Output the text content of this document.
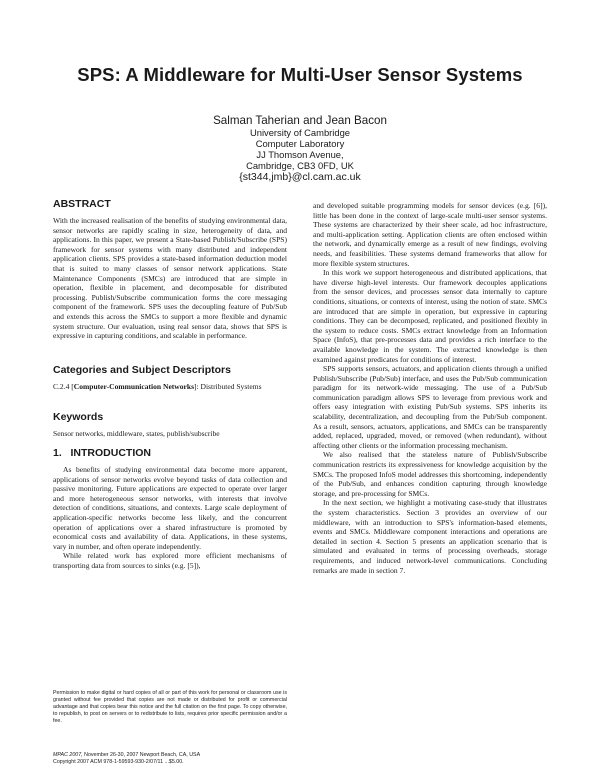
SPS: A Middleware for Multi-User Sensor Systems
Salman Taherian and Jean Bacon
University of Cambridge
Computer Laboratory
JJ Thomson Avenue,
Cambridge, CB3 0FD, UK
{st344,jmb}@cl.cam.ac.uk
ABSTRACT

With the increased realisation of the benefits of studying environmental data, sensor networks are rapidly scaling in size, heterogeneity of data, and applications. In this paper, we present a State-based Publish/Subscribe (SPS) framework for sensor systems with many distributed and independent application clients. SPS provides a state-based information deduction model that is suited to many classes of sensor network applications. State Maintenance Components (SMCs) are introduced that are simple in operation, flexible in placement, and decomposable for distributed processing. Publish/Subscribe communication forms the core messaging component of the framework. SPS uses the decoupling feature of Pub/Sub and extends this across the SMCs to support a more flexible and dynamic system structure. Our evaluation, using real sensor data, shows that SPS is expressive in capturing conditions, and scalable in performance.

Categories and Subject Descriptors

C.2.4 [Computer-Communication Networks]: Distributed Systems

Keywords

Sensor networks, middleware, states, publish/subscribe

1.   INTRODUCTION

As benefits of studying environmental data become more apparent, applications of sensor networks evolve beyond tasks of data collection and passive monitoring. Future applications are expected to operate over larger and more heterogeneous sensor networks, with interests that involve detection of conditions, situations, and contexts. Large scale deployment of application-specific networks become less likely, and the concurrent operation of applications over a shared infrastructure is promoted by economical costs and availability of data. Applications, in these systems, vary in number, and often operate independently.

While related work has explored more efficient mechanisms of transporting data from sources to sinks (e.g. [5]),

Permission to make digital or hard copies of all or part of this work for personal or classroom use is granted without fee provided that copies are not made or distributed for profit or commercial advantage and that copies bear this notice and the full citation on the first page. To copy otherwise, to republish, to post on servers or to redistribute to lists, requires prior specific permission and/or a fee.

MPAC 2007, November 26-30, 2007 Newport Beach, CA, USA
Copyright 2007 ACM 978-1-59593-930-2/07/11 ...$5.00.

and developed suitable programming models for sensor devices (e.g. [6]), little has been done in the context of large-scale multi-user sensor systems. These systems are characterized by their sheer scale, ad hoc infrastructure, and multi-application setting. Application clients are often enclosed within the network, and dynamically emerge as a result of new findings, evolving needs, and feasibilities. These systems demand frameworks that allow for more flexible system structures.

In this work we support heterogeneous and distributed applications, that have diverse high-level interests. Our framework decouples applications from the sensor devices, and processes sensor data internally to capture conditions, situations, or contexts of interest, using the notion of state. SMCs are introduced that are simple in operation, but expressive in capturing conditions. They can be decomposed, replicated, and positioned flexibly in the system to reduce costs. SMCs extract knowledge from an Information Space (InfoS), that pre-processes data and provides a rich interface to the available knowledge in the system. The extracted knowledge is then examined against predicates for conditions of interest.

SPS supports sensors, actuators, and application clients through a unified Publish/Subscribe (Pub/Sub) interface, and uses the Pub/Sub communication paradigm for its network-wide messaging. The use of a Pub/Sub communication paradigm allows SPS to leverage from previous work and offers easy integration with existing Pub/Sub systems. SPS inherits its scalability, decentralization, and decoupling from the Pub/Sub component. As a result, sensors, actuators, applications, and SMCs can be transparently added, replaced, upgraded, moved, or removed (when redundant), without affecting other clients or the information processing mechanism.

We also realised that the stateless nature of Publish/Subscribe communication restricts its expressiveness for knowledge acquisition by the SMCs. The proposed InfoS model addresses this shortcoming, independently of the Pub/Sub, and enhances condition capturing through knowledge storage, and pre-processing for SMCs.

In the next section, we highlight a motivating case-study that illustrates the system characteristics. Section 3 provides an overview of our middleware, with an introduction to SPS's information-based elements, events and SMCs. Middleware component interactions and operations are detailed in section 4. Section 5 presents an application scenario that is simulated and evaluated in terms of processing overheads, storage requirements, and induced network-level communications. Concluding remarks are made in section 7.
